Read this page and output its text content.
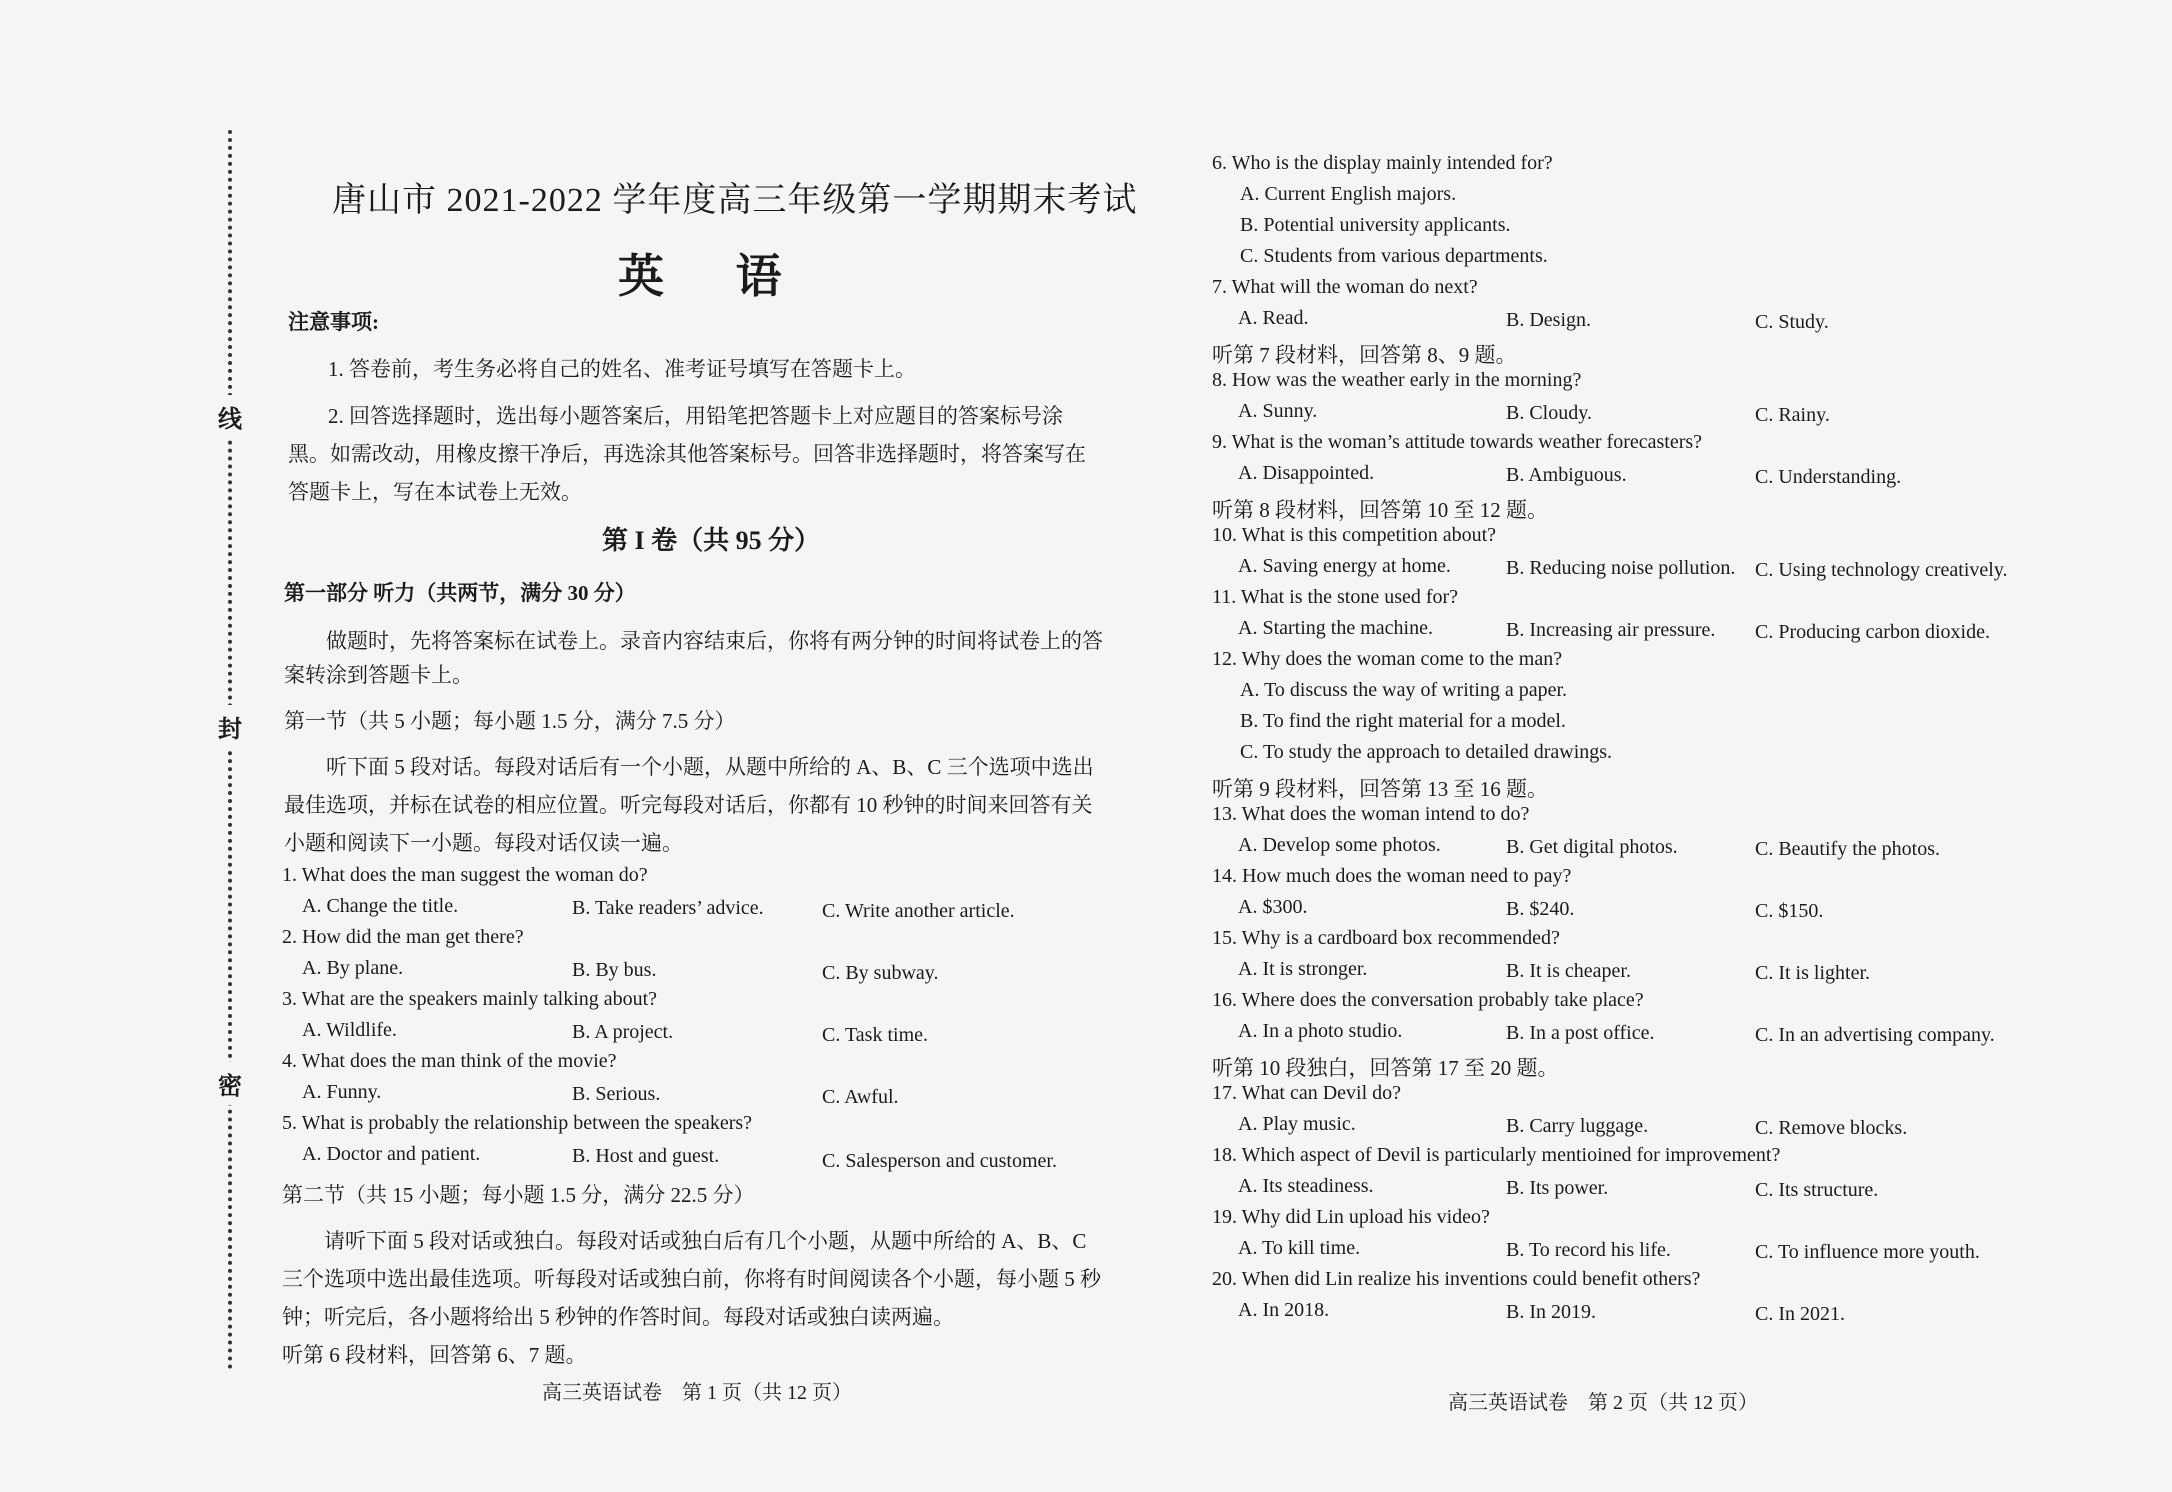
线
封
密
唐山市 2021-2022 学年度高三年级第一学期期末考试
英 语
注意事项:
1. 答卷前，考生务必将自己的姓名、准考证号填写在答题卡上。
2. 回答选择题时，选出每小题答案后，用铅笔把答题卡上对应题目的答案标号涂黑。如需改动，用橡皮擦干净后，再选涂其他答案标号。回答非选择题时，将答案写在答题卡上，写在本试卷上无效。
第 I 卷（共 95 分）
第一部分 听力（共两节，满分 30 分）
做题时，先将答案标在试卷上。录音内容结束后，你将有两分钟的时间将试卷上的答案转涂到答题卡上。
第一节（共 5 小题；每小题 1.5 分，满分 7.5 分）
听下面 5 段对话。每段对话后有一个小题，从题中所给的 A、B、C 三个选项中选出最佳选项，并标在试卷的相应位置。听完每段对话后，你都有 10 秒钟的时间来回答有关小题和阅读下一小题。每段对话仅读一遍。
1. What does the man suggest the woman do?
A. Change the title.	B. Take readers’ advice.	C. Write another article.
2. How did the man get there?
A. By plane.	B. By bus.	C. By subway.
3. What are the speakers mainly talking about?
A. Wildlife.	B. A project.	C. Task time.
4. What does the man think of the movie?
A. Funny.	B. Serious.	C. Awful.
5. What is probably the relationship between the speakers?
A. Doctor and patient.	B. Host and guest.	C. Salesperson and customer.
第二节（共 15 小题；每小题 1.5 分，满分 22.5 分）
请听下面 5 段对话或独白。每段对话或独白后有几个小题，从题中所给的 A、B、C 三个选项中选出最佳选项。听每段对话或独白前，你将有时间阅读各个小题，每小题 5 秒钟；听完后，各小题将给出 5 秒钟的作答时间。每段对话或独白读两遍。
听第 6 段材料，回答第 6、7 题。
高三英语试卷　第 1 页（共 12 页）
6. Who is the display mainly intended for?
A. Current English majors.
B. Potential university applicants.
C. Students from various departments.
7. What will the woman do next?
A. Read.	B. Design.	C. Study.
听第 7 段材料，回答第 8、9 题。
8. How was the weather early in the morning?
A. Sunny.	B. Cloudy.	C. Rainy.
9. What is the woman’s attitude towards weather forecasters?
A. Disappointed.	B. Ambiguous.	C. Understanding.
听第 8 段材料，回答第 10 至 12 题。
10. What is this competition about?
A. Saving energy at home.	B. Reducing noise pollution. C. Using technology creatively.
11. What is the stone used for?
A. Starting the machine.	B. Increasing air pressure. C. Producing carbon dioxide.
12. Why does the woman come to the man?
A. To discuss the way of writing a paper.
B. To find the right material for a model.
C. To study the approach to detailed drawings.
听第 9 段材料，回答第 13 至 16 题。
13. What does the woman intend to do?
A. Develop some photos.	B. Get digital photos.	C. Beautify the photos.
14. How much does the woman need to pay?
A. $300.	B. $240.	C. $150.
15. Why is a cardboard box recommended?
A. It is stronger.	B. It is cheaper.	C. It is lighter.
16. Where does the conversation probably take place?
A. In a photo studio.	B. In a post office.	C. In an advertising company.
听第 10 段独白，回答第 17 至 20 题。
17. What can Devil do?
A. Play music.	B. Carry luggage.	C. Remove blocks.
18. Which aspect of Devil is particularly mentioined for improvement?
A. Its steadiness.	B. Its power.	C. Its structure.
19. Why did Lin upload his video?
A. To kill time.	B. To record his life.	C. To influence more youth.
20. When did Lin realize his inventions could benefit others?
A. In 2018.	B. In 2019.	C. In 2021.
高三英语试卷　第 2 页（共 12 页）
